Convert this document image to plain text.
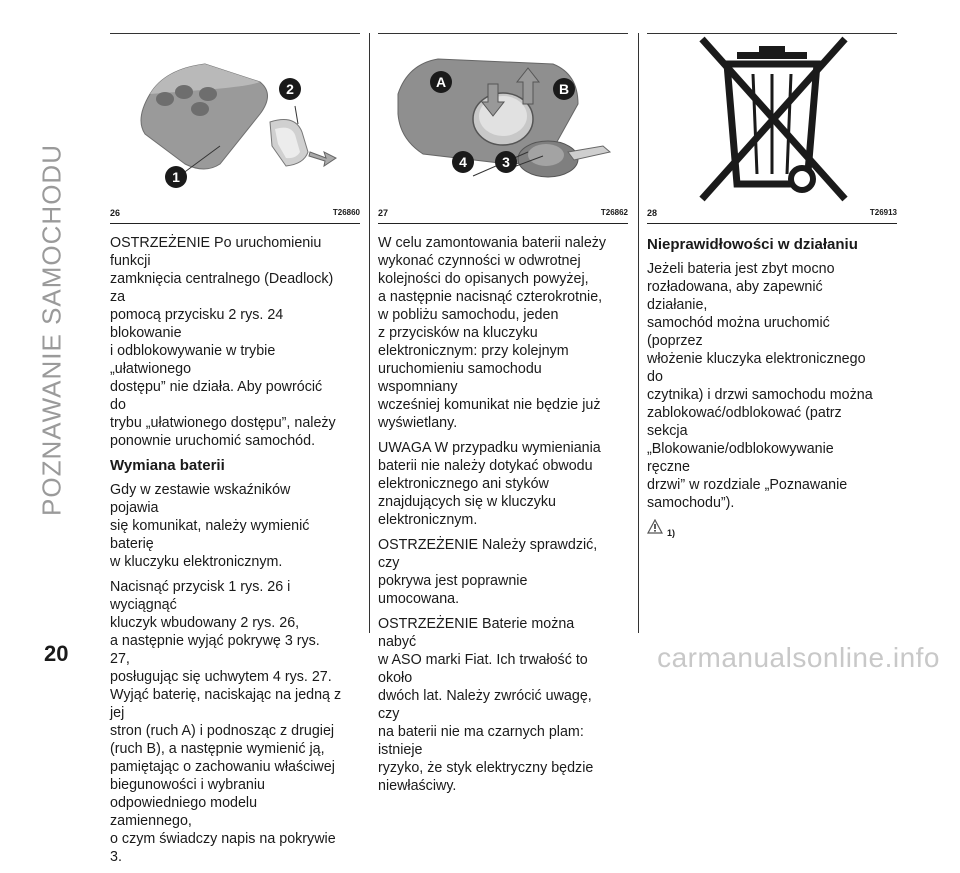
POZNAWANIE SAMOCHODU
2
1
26	T26860
A	B
4	3
27	T26862 28	T26913

OSTRZEŻENIE Po uruchomieniu funkcji
zamknięcia centralnego (Deadlock) za
pomocą przycisku 2 rys. 24 blokowanie
i odblokowywanie w trybie „ułatwionego
dostępu” nie działa. Aby powrócić do
trybu „ułatwionego dostępu”, należy
ponownie uruchomić samochód.

Wymiana baterii

Gdy w zestawie wskaźników pojawia
się komunikat, należy wymienić baterię
w kluczyku elektronicznym.

Nacisnąć przycisk 1 rys. 26 i wyciągnąć
kluczyk wbudowany 2 rys. 26,
a następnie wyjąć pokrywę 3 rys. 27,
posługując się uchwytem 4 rys. 27.
Wyjąć baterię, naciskając na jedną z jej
stron (ruch A) i podnosząc z drugiej
(ruch B), a następnie wymienić ją,
pamiętając o zachowaniu właściwej
biegunowości i wybraniu
odpowiedniego modelu zamiennego,
o czym świadczy napis na pokrywie 3.

W celu zamontowania baterii należy
wykonać czynności w odwrotnej
kolejności do opisanych powyżej,
a następnie nacisnąć czterokrotnie,
w pobliżu samochodu, jeden
z przycisków na kluczyku
elektronicznym: przy kolejnym
uruchomieniu samochodu wspomniany
wcześniej komunikat nie będzie już
wyświetlany.

UWAGA W przypadku wymieniania
baterii nie należy dotykać obwodu
elektronicznego ani styków
znajdujących się w kluczyku
elektronicznym.

OSTRZEŻENIE Należy sprawdzić, czy
pokrywa jest poprawnie umocowana.

OSTRZEŻENIE Baterie można nabyć
w ASO marki Fiat. Ich trwałość to około
dwóch lat. Należy zwrócić uwagę, czy
na baterii nie ma czarnych plam: istnieje
ryzyko, że styk elektryczny będzie
niewłaściwy.

Nieprawidłowości w działaniu

Jeżeli bateria jest zbyt mocno
rozładowana, aby zapewnić działanie,
samochód można uruchomić (poprzez
włożenie kluczyka elektronicznego do
czytnika) i drzwi samochodu można
zablokować/odblokować (patrz sekcja
„Blokowanie/odblokowywanie ręczne
drzwi” w rozdziale „Poznawanie
samochodu”).

1)
20	carmanualsonline.info
